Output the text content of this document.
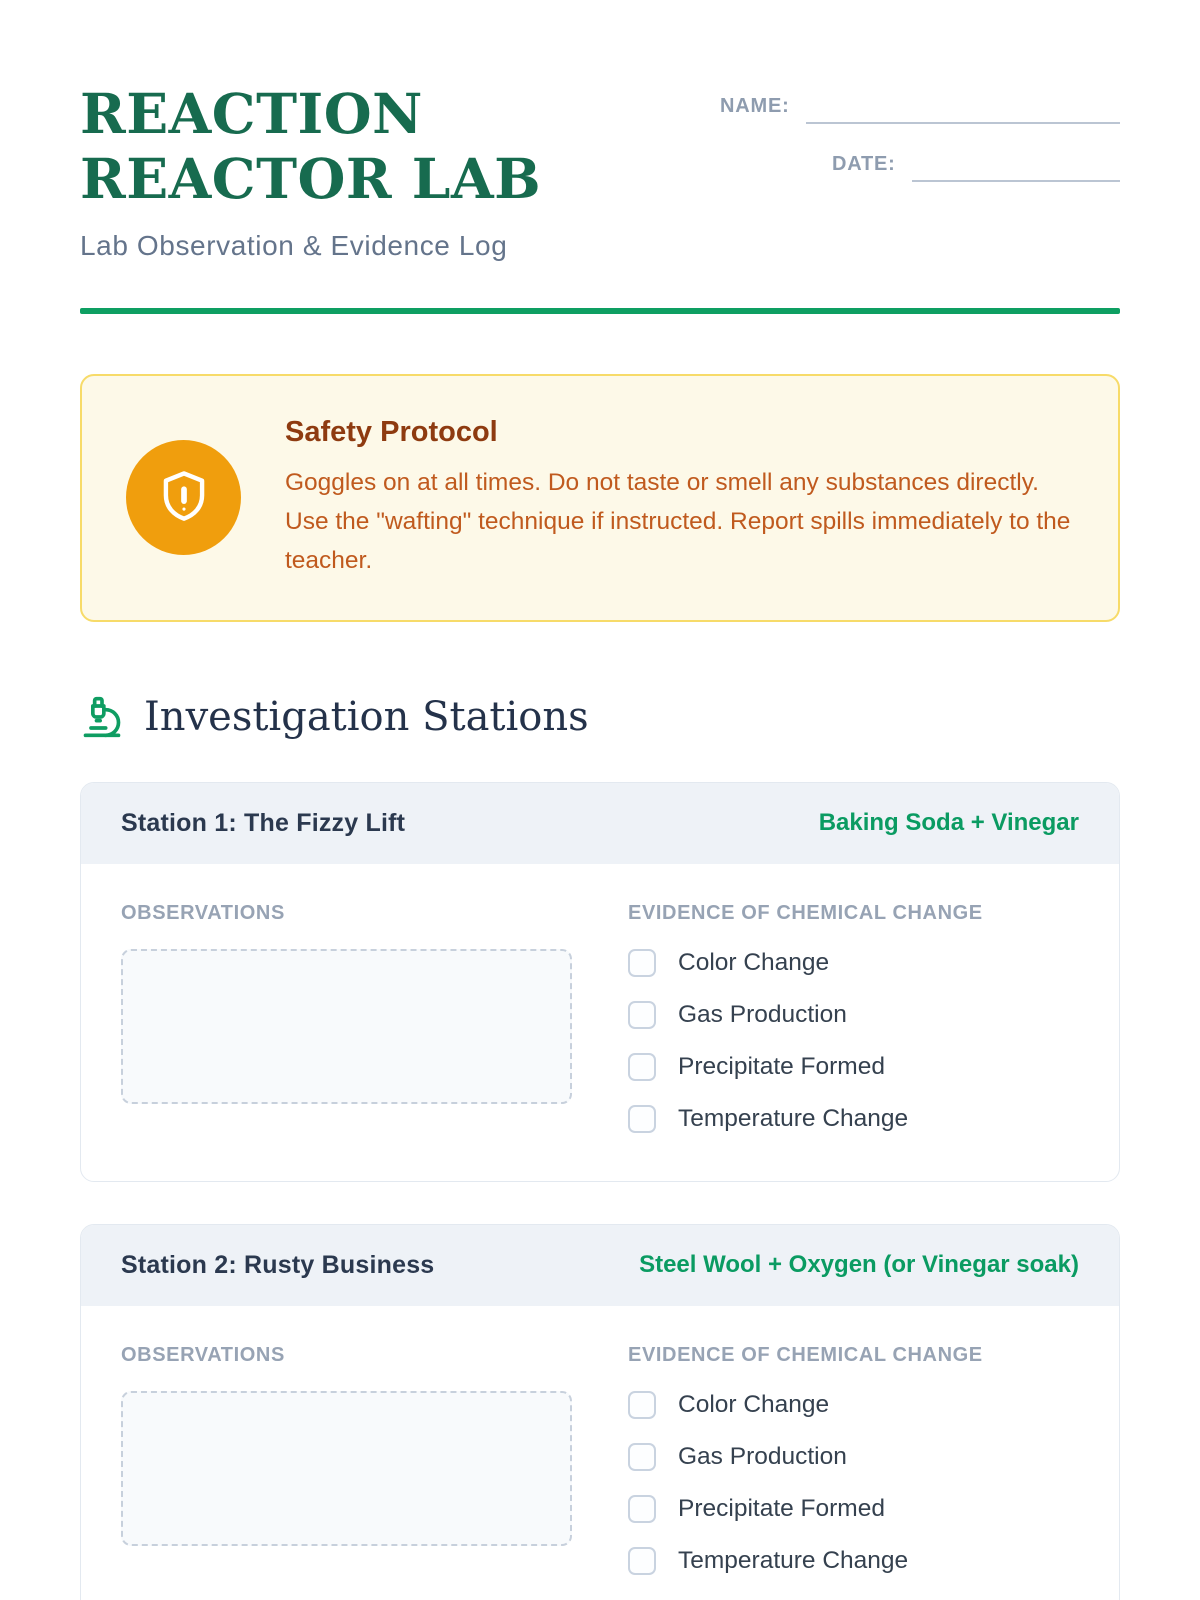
REACTION REACTOR LAB
Lab Observation & Evidence Log
NAME:
DATE:
Safety Protocol
Goggles on at all times. Do not taste or smell any substances directly. Use the "wafting" technique if instructed. Report spills immediately to the teacher.
Investigation Stations
Station 1: The Fizzy Lift	Baking Soda + Vinegar
OBSERVATIONS	EVIDENCE OF CHEMICAL CHANGE
Color Change
Gas Production
Precipitate Formed
Temperature Change
Station 2: Rusty Business	Steel Wool + Oxygen (or Vinegar soak)
OBSERVATIONS	EVIDENCE OF CHEMICAL CHANGE
Color Change
Gas Production
Precipitate Formed
Temperature Change
